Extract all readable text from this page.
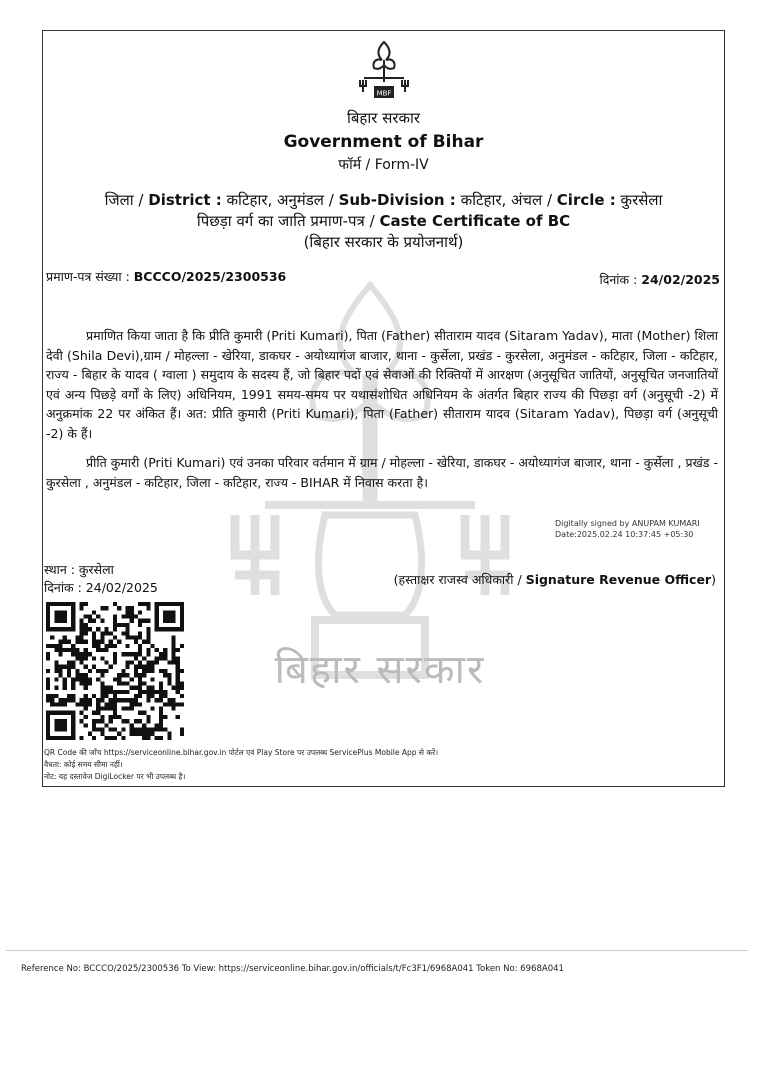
बिहार सरकार
MBF
बिहार सरकार
Government of Bihar
फॉर्म / Form-IV
जिला / District : कटिहार, अनुमंडल / Sub-Division : कटिहार, अंचल / Circle : कुरसेला
पिछड़ा वर्ग का जाति प्रमाण-पत्र / Caste Certificate of BC
(बिहार सरकार के प्रयोजनार्थ)
प्रमाण-पत्र संख्या : BCCCO/2025/2300536	दिनांक : 24/02/2025

प्रमाणित किया जाता है कि प्रीति कुमारी (Priti Kumari), पिता (Father) सीताराम यादव (Sitaram Yadav), माता (Mother) शिला देवी (Shila Devi),ग्राम / मोहल्ला - खेरिया, डाकघर - अयोध्यागंज बाजार, थाना - कुर्सेला, प्रखंड - कुरसेला, अनुमंडल - कटिहार, जिला - कटिहार, राज्य - बिहार के यादव ( ग्वाला ) समुदाय के सदस्य हैं, जो बिहार पदों एवं सेवाओं की रिक्तियों में आरक्षण (अनुसूचित जातियों, अनुसूचित जनजातियों एवं अन्य पिछड़े वर्गों के लिए) अधिनियम, 1991 समय-समय पर यथासंशोधित अधिनियम के अंतर्गत बिहार राज्य की पिछड़ा वर्ग (अनुसूची -2) में अनुक्रमांक 22 पर अंकित हैं। अत: प्रीति कुमारी (Priti Kumari), पिता (Father) सीताराम यादव (Sitaram Yadav), पिछड़ा वर्ग (अनुसूची -2) के हैं।

प्रीति कुमारी (Priti Kumari) एवं उनका परिवार वर्तमान में ग्राम / मोहल्ला - खेरिया, डाकघर - अयोध्यागंज बाजार, थाना - कुर्सेला , प्रखंड - कुरसेला , अनुमंडल - कटिहार, जिला - कटिहार, राज्य - BIHAR में निवास करता है।

Digitally signed by ANUPAM KUMARI
Date:2025.02.24 10:37:45 +05:30
स्थान : कुरसेला
दिनांक : 24/02/2025
(हस्ताक्षर राजस्व अधिकारी / Signature Revenue Officer)
QR Code की जाँच https://serviceonline.bihar.gov.in पोर्टल एवं Play Store पर उपलब्ध ServicePlus Mobile App से करें।
वैधता: कोई समय सीमा नहीं।
नोट: यह दस्तावेज DigiLocker पर भी उपलब्ध है।
Reference No: BCCCO/2025/2300536 To View: https://serviceonline.bihar.gov.in/officials/t/Fc3F1/6968A041 Token No: 6968A041
